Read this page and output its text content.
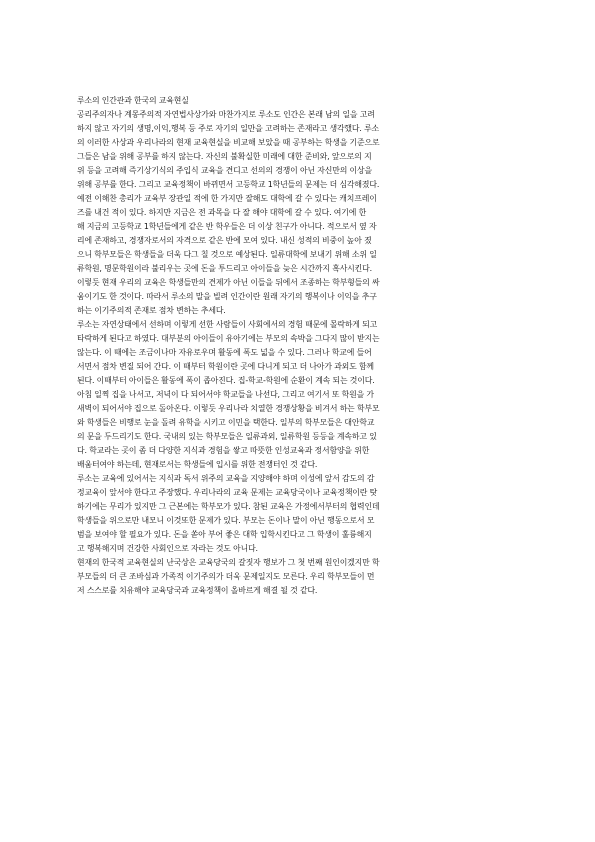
루소의 인간관과 한국의 교육현실
공리주의자나 계몽주의적 자연법사상가와 마찬가지로 루소도 인간은 본래 남의 일을 고려
하지 않고 자기의 생명,이익,행복 등 주로 자기의 일만을 고려하는 존재라고 생각했다. 루소
의 이러한 사상과 우리나라의 현재 교육현실을 비교해 보았을 때 공부하는 학생을 기준으로
그들은 남을 위해 공부를 하지 않는다. 자신의 불확실한 미래에 대한 준비와, 앞으로의 지
위 등을 고려해 즉기상기식의 주입식 교육을 견디고 선의의 경쟁이 아닌 자신만의 이상을
위해 공부를 한다. 그리고 교육정책이 바뀌면서 고등학교 1학년들의 문제는 더 심각해졌다.
예전 이해찬 총리가 교육부 장관일 적에 한 가지만 잘해도 대학에 갈 수 있다는 캐치프레이
즈를 내건 적이 있다. 하지만 지금은 전 과목을 다 잘 해야 대학에 갈 수 있다. 여기에 한
해 지금의 고등학교 1학년들에게 같은 반 학우들은 더 이상 친구가 아니다. 적으로서 옆 자
리에 존재하고, 경쟁자로서의 자격으로 같은 반에 모여 있다. 내신 성적의 비중이 높아 졌
으니 학부모들은 학생들을 더욱 다그 칠 것으로 예상된다. 일류대학에 보내기 위해 소위 일
류학원, 명문학원이라 불리우는 곳에 돈을 투드리고 아이들을 늦은 시간까지 혹사시킨다.
이렇듯 현재 우리의 교육은 학생들만의 견제가 아닌 이들을 뒤에서 조종하는 학부형들의 싸
움이기도 한 것이다. 따라서 루소의 말을 빌려 인간이란 원래 자기의 행복이나 이익을 추구
하는 이기주의적 존재로 점차 변하는 추세다.
루소는 자연상태에서 선하며 이렇게 선한 사람들이 사회에서의 경험 때문에 몰락하게 되고
타락하게 된다고 하였다. 대부분의 아이들이 유아기에는 부모의 속박을 그다지 많이 받지는
않는다. 이 때에는 조금이나마 자유로우며 활동에 폭도 넓을 수 있다. 그러나 학교에 들어
서면서 점차 변질 되어 간다. 이 때부터 학원이란 곳에 다니게 되고 더 나아가 과외도 함께
된다. 이때부터 아이들은 활동에 폭이 좁아진다. 집-학교-학원에 순환이 계속 되는 것이다.
아침 일찍 집을 나서고, 저녁이 다 되어서야 학교들을 나선다, 그리고 여기서 또 학원을 가
새벽이 되어서야 집으로 돌아온다. 이렇듯 우리나라 치열한 경쟁상황을 비겨서 하는 학부모
와 학생들은 비행로 눈을 돌려 유학을 시키고 이민을 택한다. 일부의 학부모들은 대안학교
의 문을 두드리기도 한다. 국내의 있는 학부모들은 일류과외, 일류학원 등등을 계속하고 있
다. 학교라는 곳이 좀 더 다양한 지식과 경험을 쌓고 따뜻한 인성교육과 정서함양을 위한
배움터여야 하는데, 현재로서는 학생들에 입시를 위한 전쟁터인 것 같다.
루소는 교육에 있어서는 지식과 독서 위주의 교육을 지양해야 하며 이성에 앞서 감도의 감
정교육이 앞서야 한다고 주장했다. 우리나라의 교육 문제는 교육당국이나 교육정책이란 탓
하기에는 무리가 있지만 그 근본에는 학부모가 있다. 참된 교육은 가정에서부터의 협력인데
학생들을 위으로만 내모니 이것또한 문제가 있다. 부모는 돈이나 말이 아닌 행동으로서 모
범을 보여야 할 필요가 있다. 돈을 쏟아 부어 좋은 대학 입학시킨다고 그 학생이 훌륭해지
고 행복해지며 건강한 사회인으로 자라는 것도 아니다.
현재의 한국적 교육현실의 난국상은 교육당국의 갈짓자 행보가 그 첫 번째 원인이겠지만 학
부모들의 더 큰 조바심과 가족적 이기주의가 더욱 문제일지도 모른다. 우리 학부모들이 먼
저 스스로를 치유해야 교육당국과 교육정책이 올바르게 해결 될 것 같다.
